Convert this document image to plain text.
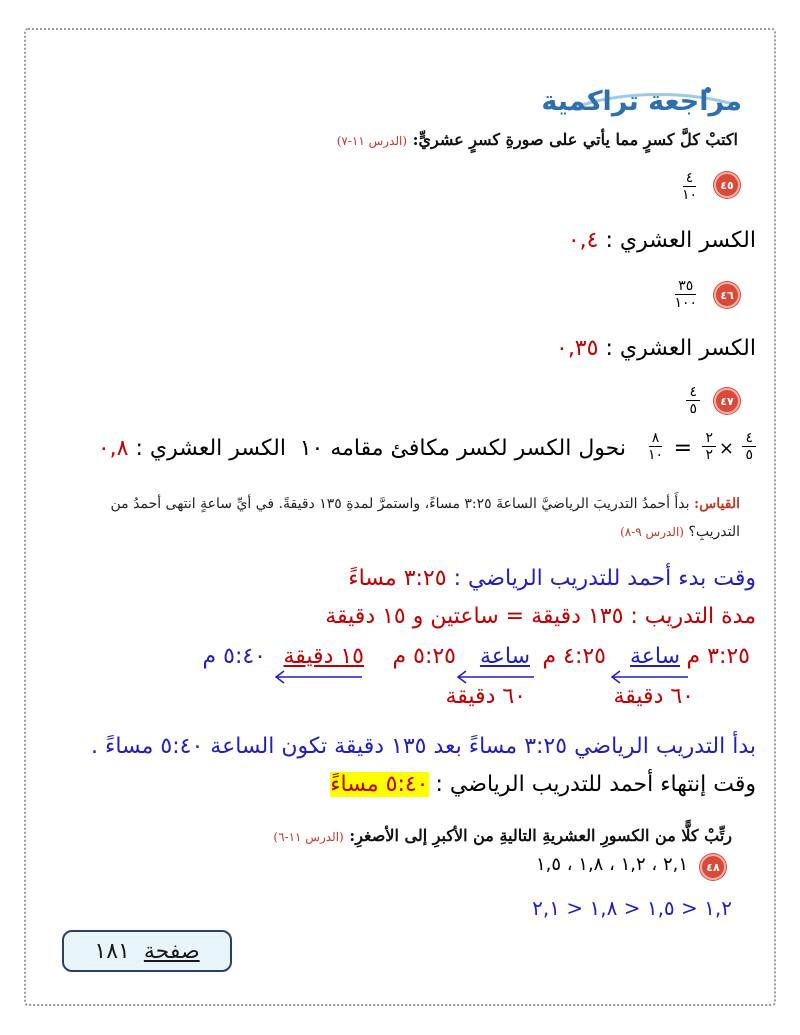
مراجعة تراكمية
اكتبْ كلَّ كسرٍ مما يأتي على صورةِ كسرٍ عشريٍّ: (الدرس ١١-٧)
٤٥
٤
١٠
الكسر العشري : ٠,٤
٤٦
٣٥
١٠٠
الكسر العشري : ٠,٣٥
٤٧
٤
٥
٤
٥
×
٢
٢
=
٨
١٠
نحول الكسر لكسر مكافئ مقامه ١٠
الكسر العشري : ٠,٨
القياس: بدأَ أحمدُ التدريبَ الرياضيَّ الساعةَ ٣:٢٥ مساءً، واستمرَّ لمدةِ ١٣٥ دقيقةً. في أيِّ ساعةٍ انتهى أحمدُ من التدريبِ؟ (الدرس ٩-٨)
وقت بدء أحمد للتدريب الرياضي : ٣:٢٥ مساءً
مدة التدريب : ١٣٥ دقيقة = ساعتين و ١٥ دقيقة
٣:٢٥ م
ساعة
٤:٢٥ م
ساعة
٥:٢٥ م
١٥ دقيقة
٥:٤٠ م
٦٠ دقيقة
٦٠ دقيقة
بدأ التدريب الرياضي ٣:٢٥ مساءً بعد ١٣٥ دقيقة تكون الساعة ٥:٤٠ مساءً .
وقت إنتهاء أحمد للتدريب الرياضي : ٥:٤٠ مساءً
رتِّبْ كلًّا من الكسورِ العشريةِ التاليةِ من الأكبرِ إلى الأصغرِ: (الدرس ١١-٦)
٤٨
٢,١ ، ١,٢ ، ١,٨ ، ١,٥
١,٢ < ١,٥ < ١,٨ < ٢,١
صفحة
١٨١
